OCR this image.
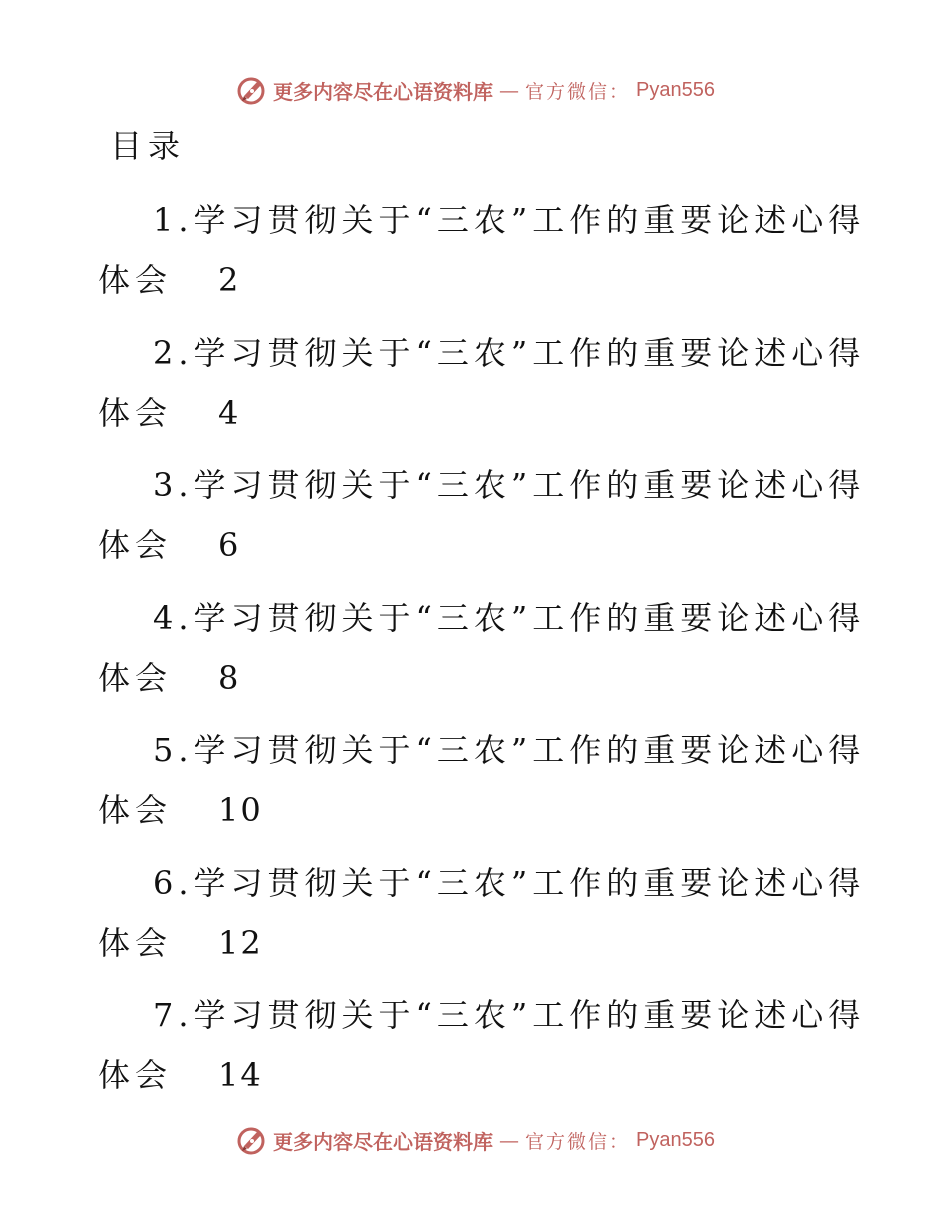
更多内容尽在心语资料库 — 官方微信： Pyan556
目录
1.学习贯彻关于“三农”工作的重要论述心得
体会 2
2.学习贯彻关于“三农”工作的重要论述心得
体会 4
3.学习贯彻关于“三农”工作的重要论述心得
体会 6
4.学习贯彻关于“三农”工作的重要论述心得
体会 8
5.学习贯彻关于“三农”工作的重要论述心得
体会 10
6.学习贯彻关于“三农”工作的重要论述心得
体会 12
7.学习贯彻关于“三农”工作的重要论述心得
体会 14
更多内容尽在心语资料库 — 官方微信： Pyan556
